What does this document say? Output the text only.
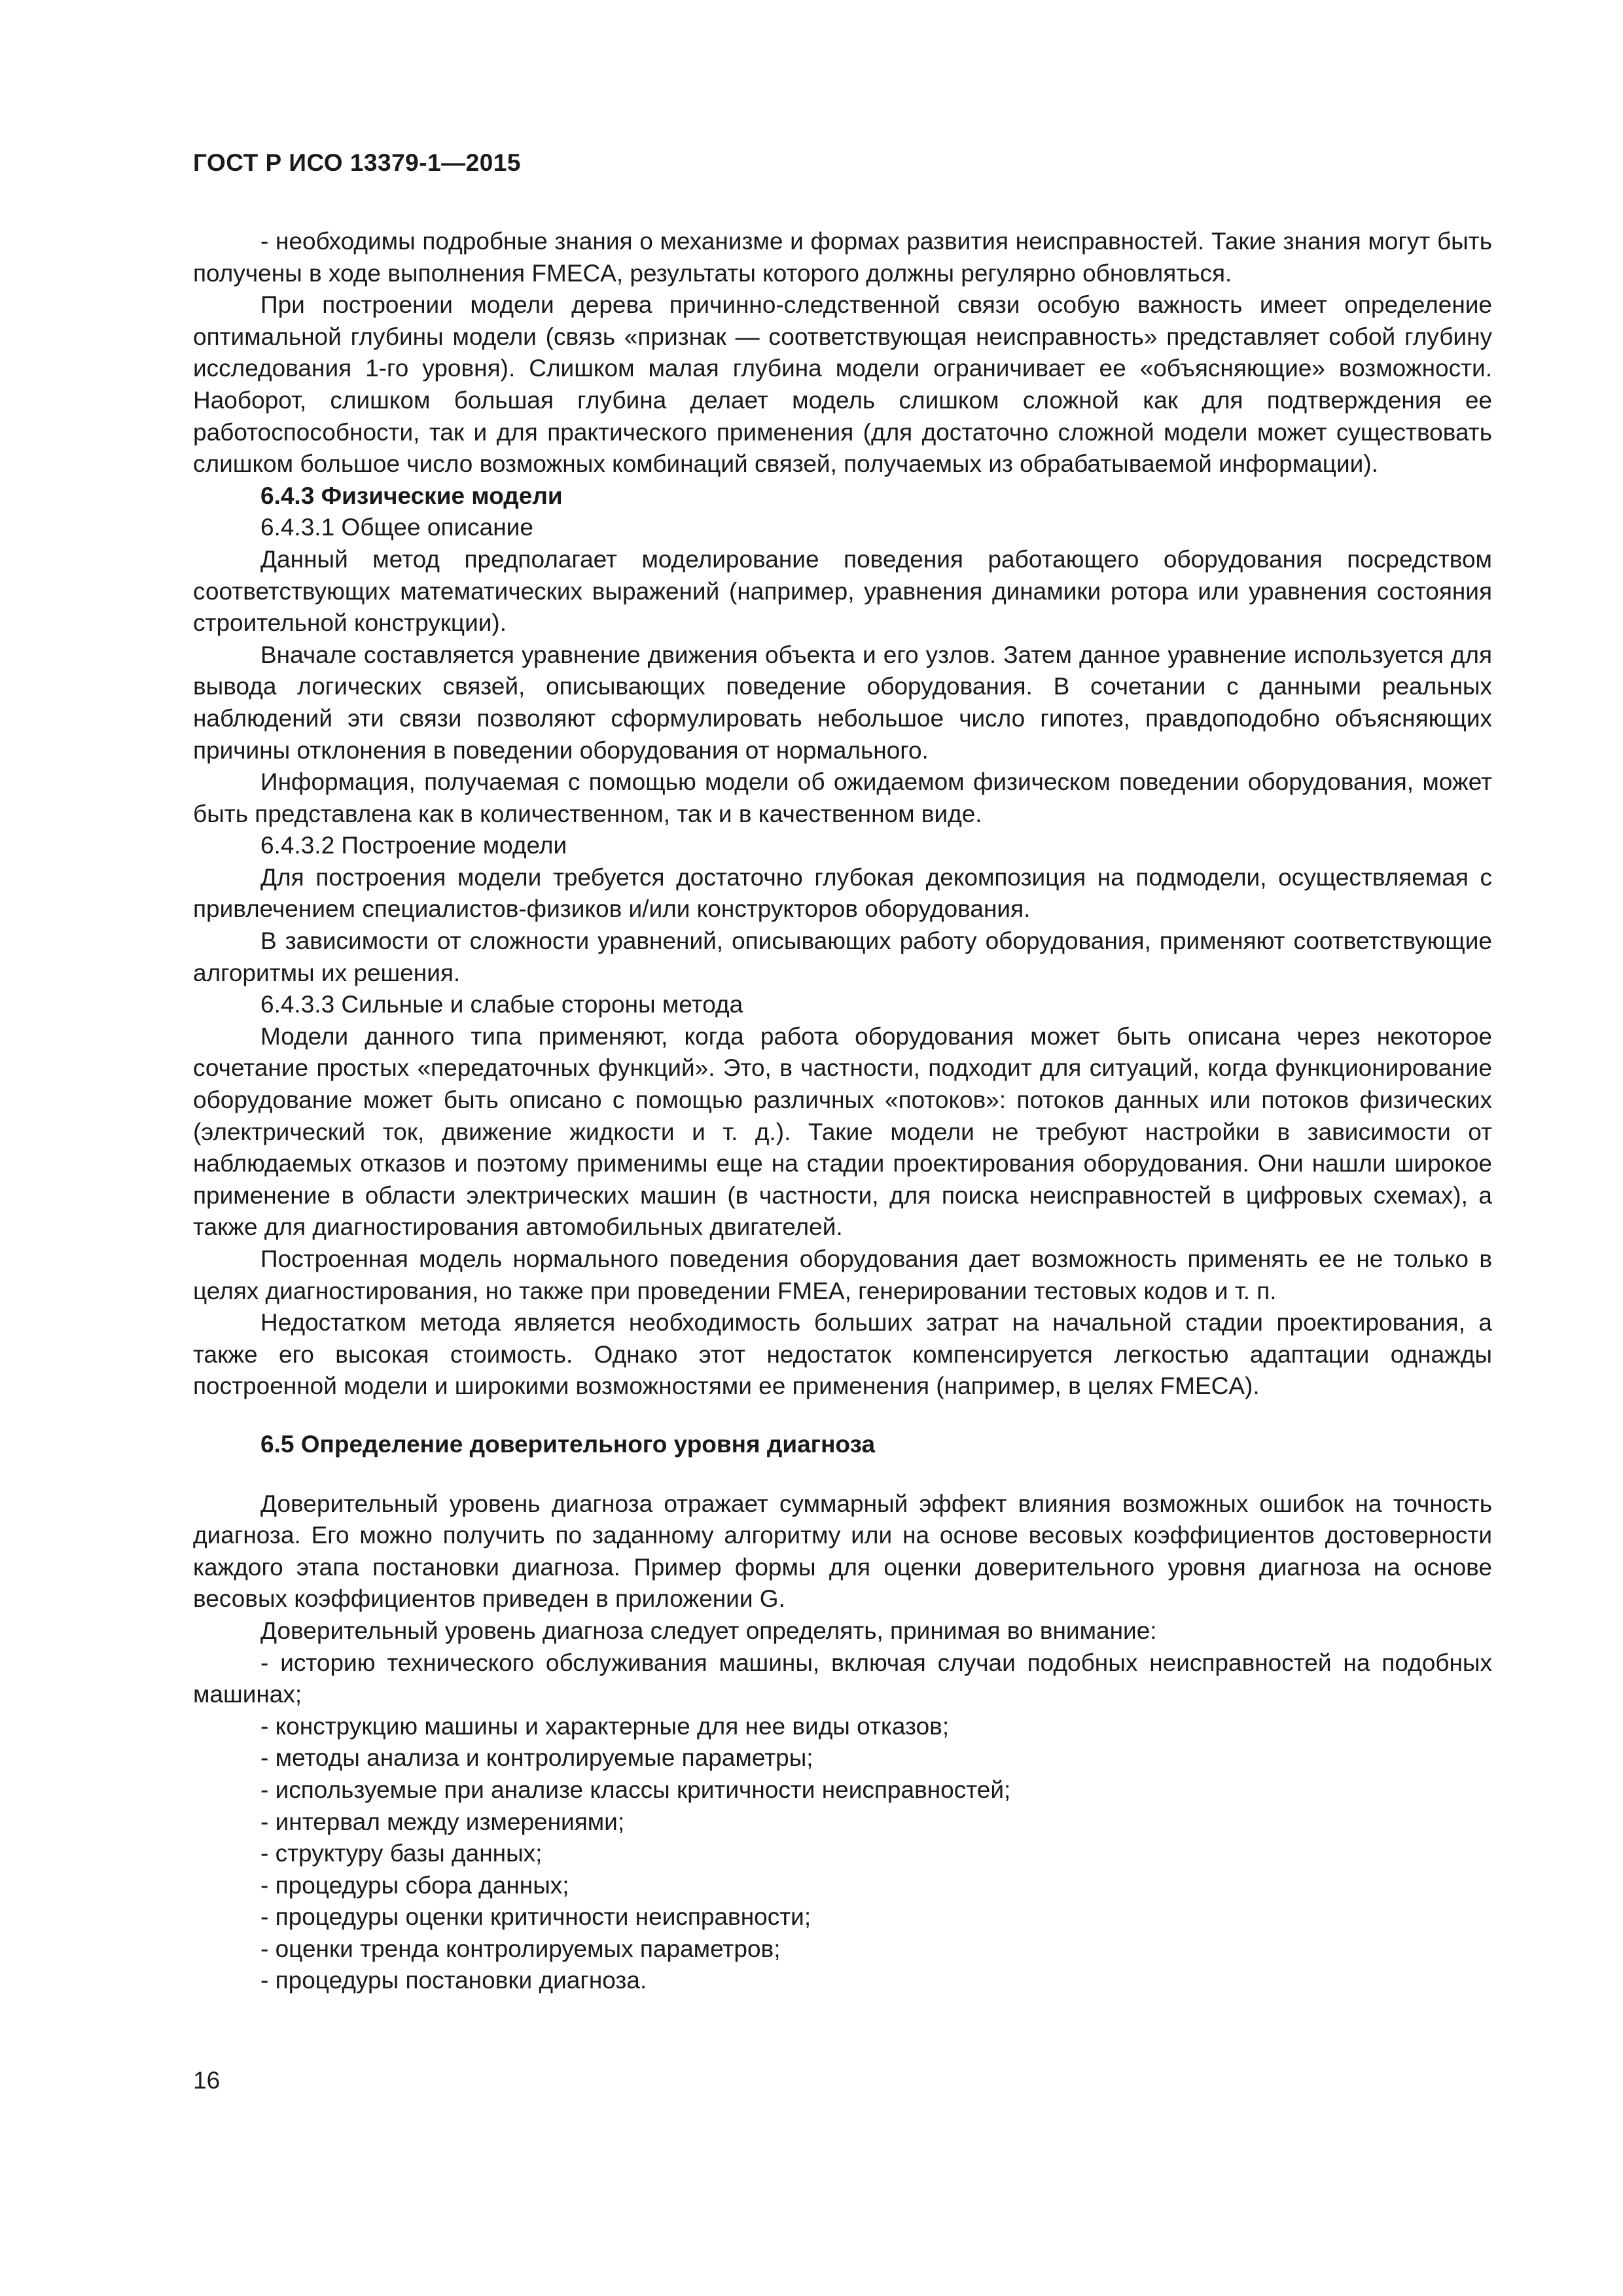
ГОСТ Р ИСО 13379-1—2015

- необходимы подробные знания о механизме и формах развития неисправностей. Такие знания могут быть получены в ходе выполнения FMECA, результаты которого должны регулярно обновляться.

При построении модели дерева причинно-следственной связи особую важность имеет определение оптимальной глубины модели (связь «признак — соответствующая неисправность» представляет собой глубину исследования 1-го уровня). Слишком малая глубина модели ограничивает ее «объясняющие» возможности. Наоборот, слишком большая глубина делает модель слишком сложной как для подтверждения ее работоспособности, так и для практического применения (для достаточно сложной модели может существовать слишком большое число возможных комбинаций связей, получаемых из обрабатываемой информации).

6.4.3 Физические модели

6.4.3.1 Общее описание

Данный метод предполагает моделирование поведения работающего оборудования посредством соответствующих математических выражений (например, уравнения динамики ротора или уравнения состояния строительной конструкции).

Вначале составляется уравнение движения объекта и его узлов. Затем данное уравнение используется для вывода логических связей, описывающих поведение оборудования. В сочетании с данными реальных наблюдений эти связи позволяют сформулировать небольшое число гипотез, правдоподобно объясняющих причины отклонения в поведении оборудования от нормального.

Информация, получаемая с помощью модели об ожидаемом физическом поведении оборудования, может быть представлена как в количественном, так и в качественном виде.

6.4.3.2 Построение модели

Для построения модели требуется достаточно глубокая декомпозиция на подмодели, осуществляемая с привлечением специалистов-физиков и/или конструкторов оборудования.

В зависимости от сложности уравнений, описывающих работу оборудования, применяют соответствующие алгоритмы их решения.

6.4.3.3 Сильные и слабые стороны метода

Модели данного типа применяют, когда работа оборудования может быть описана через некоторое сочетание простых «передаточных функций». Это, в частности, подходит для ситуаций, когда функционирование оборудование может быть описано с помощью различных «потоков»: потоков данных или потоков физических (электрический ток, движение жидкости и т. д.). Такие модели не требуют настройки в зависимости от наблюдаемых отказов и поэтому применимы еще на стадии проектирования оборудования. Они нашли широкое применение в области электрических машин (в частности, для поиска неисправностей в цифровых схемах), а также для диагностирования автомобильных двигателей.

Построенная модель нормального поведения оборудования дает возможность применять ее не только в целях диагностирования, но также при проведении FMEA, генерировании тестовых кодов и т. п.

Недостатком метода является необходимость больших затрат на начальной стадии проектирования, а также его высокая стоимость. Однако этот недостаток компенсируется легкостью адаптации однажды построенной модели и широкими возможностями ее применения (например, в целях FMECA).

6.5 Определение доверительного уровня диагноза

Доверительный уровень диагноза отражает суммарный эффект влияния возможных ошибок на точность диагноза. Его можно получить по заданному алгоритму или на основе весовых коэффициентов достоверности каждого этапа постановки диагноза. Пример формы для оценки доверительного уровня диагноза на основе весовых коэффициентов приведен в приложении G.

Доверительный уровень диагноза следует определять, принимая во внимание:

- историю технического обслуживания машины, включая случаи подобных неисправностей на подобных машинах;

- конструкцию машины и характерные для нее виды отказов;

- методы анализа и контролируемые параметры;

- используемые при анализе классы критичности неисправностей;

- интервал между измерениями;

- структуру базы данных;

- процедуры сбора данных;

- процедуры оценки критичности неисправности;

- оценки тренда контролируемых параметров;

- процедуры постановки диагноза.

16
